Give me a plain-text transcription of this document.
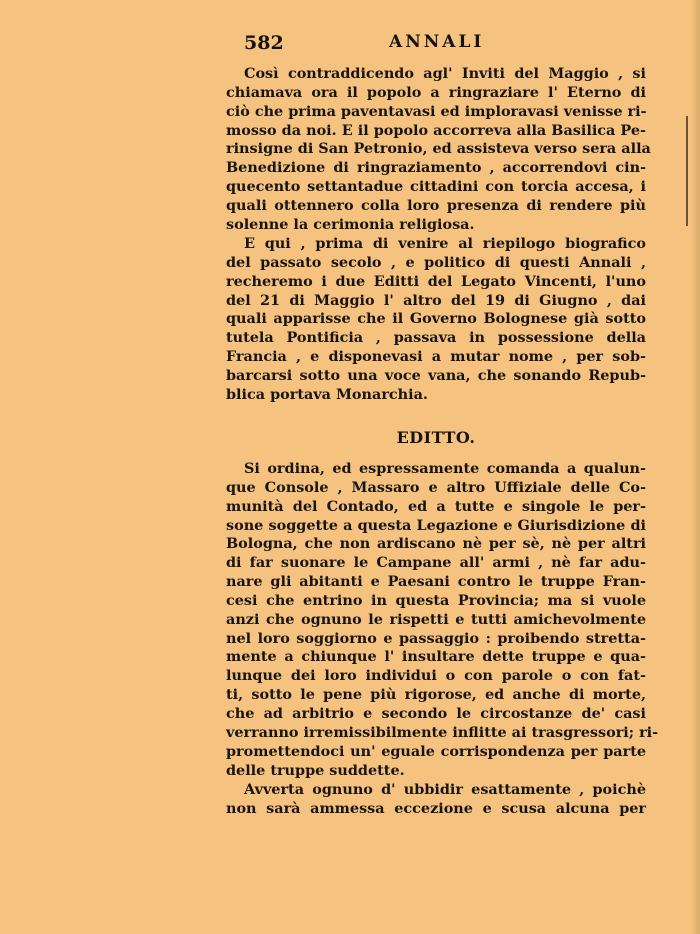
582	ANNALI
Così contraddicendo agl' Inviti del Maggio , si
chiamava ora il popolo a ringraziare l' Eterno di
ciò che prima paventavasi ed imploravasi venisse ri-
mosso da noi. E il popolo accorreva alla Basilica Pe-
rinsigne di San Petronio, ed assisteva verso sera alla
Benedizione di ringraziamento , accorrendovi cin-
quecento settantadue cittadini con torcia accesa, i
quali ottennero colla loro presenza di rendere più
solenne la cerimonia religiosa.
E qui , prima di venire al riepilogo biografico
del passato secolo , e politico di questi Annali ,
recheremo i due Editti del Legato Vincenti, l'uno
del 21 di Maggio l' altro del 19 di Giugno , dai
quali apparisse che il Governo Bolognese già sotto
tutela Pontificia , passava in possessione della
Francia , e disponevasi a mutar nome , per sob-
barcarsi sotto una voce vana, che sonando Repub-
blica portava Monarchia.
EDITTO.
Si ordina, ed espressamente comanda a qualun-
que Console , Massaro e altro Uffiziale delle Co-
munità del Contado, ed a tutte e singole le per-
sone soggette a questa Legazione e Giurisdizione di
Bologna, che non ardiscano nè per sè, nè per altri
di far suonare le Campane all' armi , nè far adu-
nare gli abitanti e Paesani contro le truppe Fran-
cesi che entrino in questa Provincia; ma si vuole
anzi che ognuno le rispetti e tutti amichevolmente
nel loro soggiorno e passaggio : proibendo stretta-
mente a chiunque l' insultare dette truppe e qua-
lunque dei loro individui o con parole o con fat-
ti, sotto le pene più rigorose, ed anche di morte,
che ad arbitrio e secondo le circostanze de' casi
verranno irremissibilmente inflitte ai trasgressori; ri-
promettendoci un' eguale corrispondenza per parte
delle truppe suddette.
Avverta ognuno d' ubbidir esattamente , poichè
non sarà ammessa eccezione e scusa alcuna per
